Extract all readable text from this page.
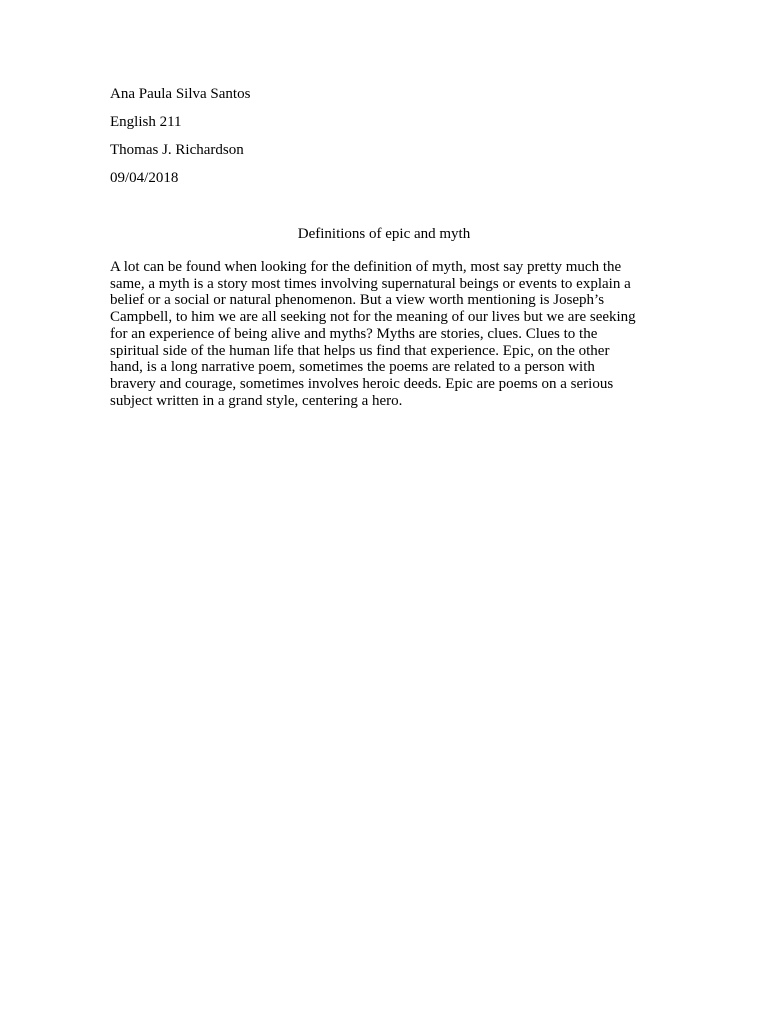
Ana Paula Silva Santos
English 211
Thomas J. Richardson
09/04/2018
Definitions of epic and myth

A lot can be found when looking for the definition of myth, most say pretty much the
same, a myth is a story most times involving supernatural beings or events to explain a
belief or a social or natural phenomenon. But a view worth mentioning is Joseph’s
Campbell, to him we are all seeking not for the meaning of our lives but we are seeking
for an experience of being alive and myths? Myths are stories, clues. Clues to the
spiritual side of the human life that helps us find that experience. Epic, on the other
hand, is a long narrative poem, sometimes the poems are related to a person with
bravery and courage, sometimes involves heroic deeds. Epic are poems on a serious
subject written in a grand style, centering a hero.
